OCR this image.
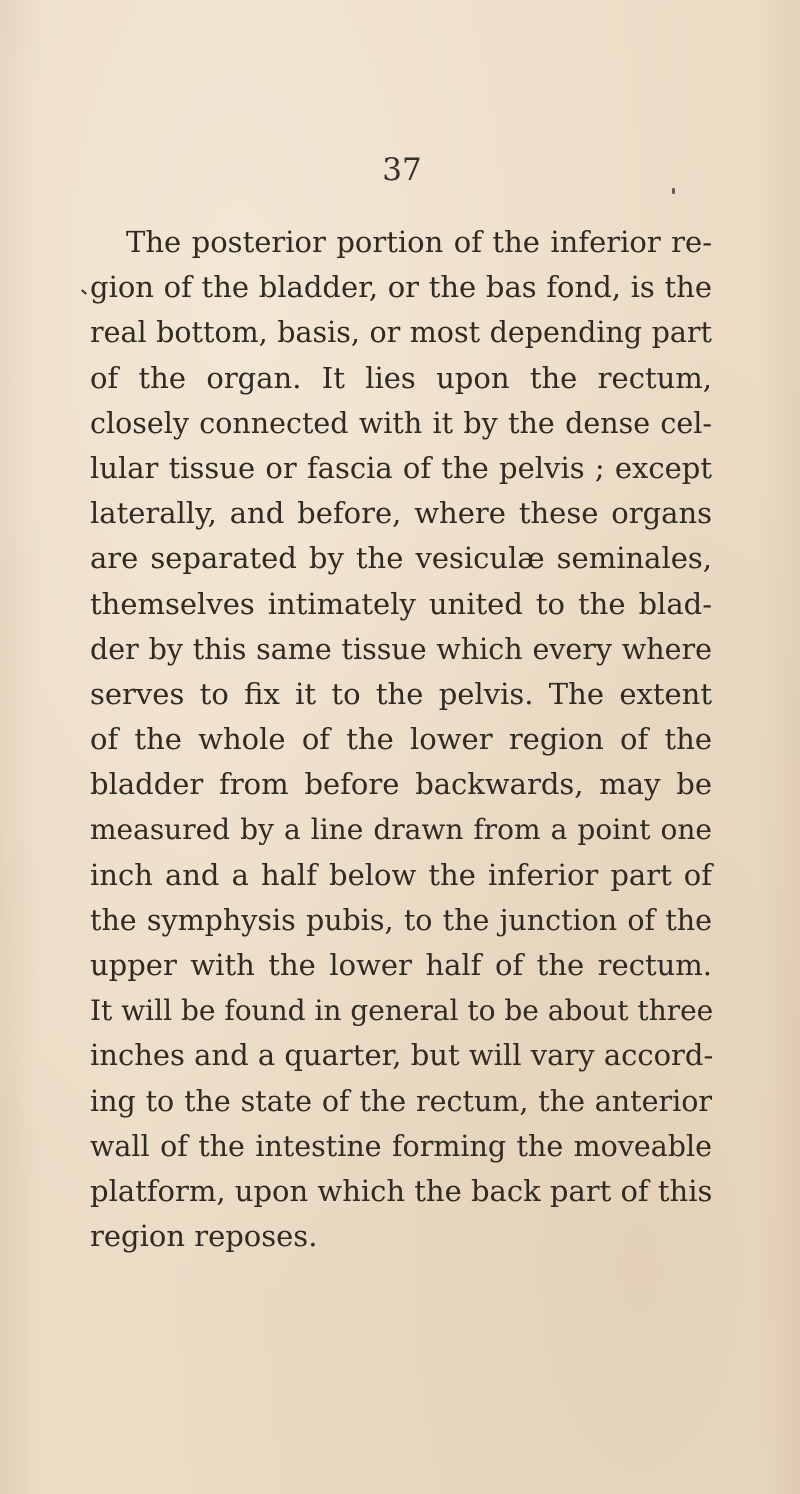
37
The posterior portion of the inferior re-
gion of the bladder, or the bas fond, is the
real bottom, basis, or most depending part
of the organ. It lies upon the rectum,
closely connected with it by the dense cel-
lular tissue or fascia of the pelvis ; except
laterally, and before, where these organs
are separated by the vesiculæ seminales,
themselves intimately united to the blad-
der by this same tissue which every where
serves to fix it to the pelvis. The extent
of the whole of the lower region of the
bladder from before backwards, may be
measured by a line drawn from a point one
inch and a half below the inferior part of
the symphysis pubis, to the junction of the
upper with the lower half of the rectum.
It will be found in general to be about three
inches and a quarter, but will vary accord-
ing to the state of the rectum, the anterior
wall of the intestine forming the moveable
platform, upon which the back part of this
region reposes.
